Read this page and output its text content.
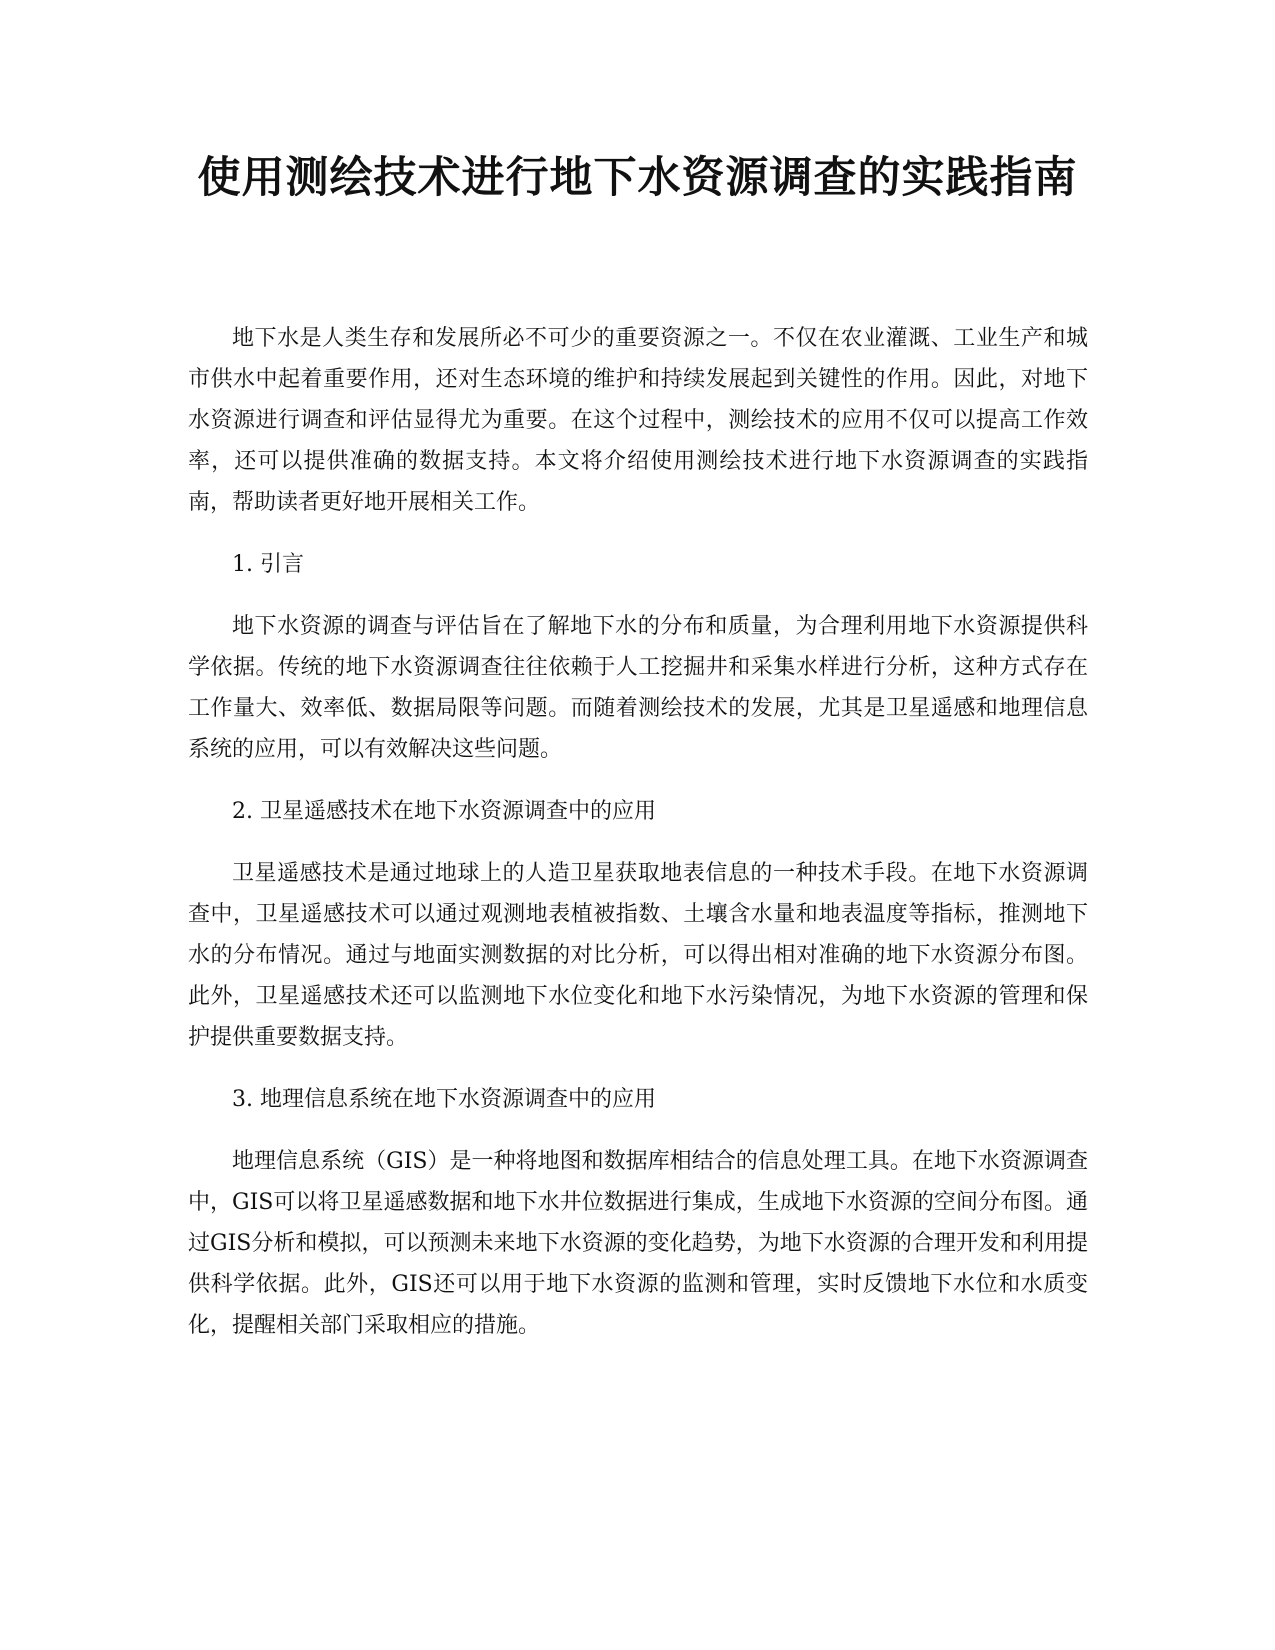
使用测绘技术进行地下水资源调查的实践指南

地下水是人类生存和发展所必不可少的重要资源之一。不仅在农业灌溉、工业生产和城市供水中起着重要作用，还对生态环境的维护和持续发展起到关键性的作用。因此，对地下水资源进行调查和评估显得尤为重要。在这个过程中，测绘技术的应用不仅可以提高工作效率，还可以提供准确的数据支持。本文将介绍使用测绘技术进行地下水资源调查的实践指南，帮助读者更好地开展相关工作。

1. 引言

地下水资源的调查与评估旨在了解地下水的分布和质量，为合理利用地下水资源提供科学依据。传统的地下水资源调查往往依赖于人工挖掘井和采集水样进行分析，这种方式存在工作量大、效率低、数据局限等问题。而随着测绘技术的发展，尤其是卫星遥感和地理信息系统的应用，可以有效解决这些问题。

2. 卫星遥感技术在地下水资源调查中的应用

卫星遥感技术是通过地球上的人造卫星获取地表信息的一种技术手段。在地下水资源调查中，卫星遥感技术可以通过观测地表植被指数、土壤含水量和地表温度等指标，推测地下水的分布情况。通过与地面实测数据的对比分析，可以得出相对准确的地下水资源分布图。此外，卫星遥感技术还可以监测地下水位变化和地下水污染情况，为地下水资源的管理和保护提供重要数据支持。

3. 地理信息系统在地下水资源调查中的应用

地理信息系统（GIS）是一种将地图和数据库相结合的信息处理工具。在地下水资源调查中，GIS可以将卫星遥感数据和地下水井位数据进行集成，生成地下水资源的空间分布图。通过GIS分析和模拟，可以预测未来地下水资源的变化趋势，为地下水资源的合理开发和利用提供科学依据。此外，GIS还可以用于地下水资源的监测和管理，实时反馈地下水位和水质变化，提醒相关部门采取相应的措施。
